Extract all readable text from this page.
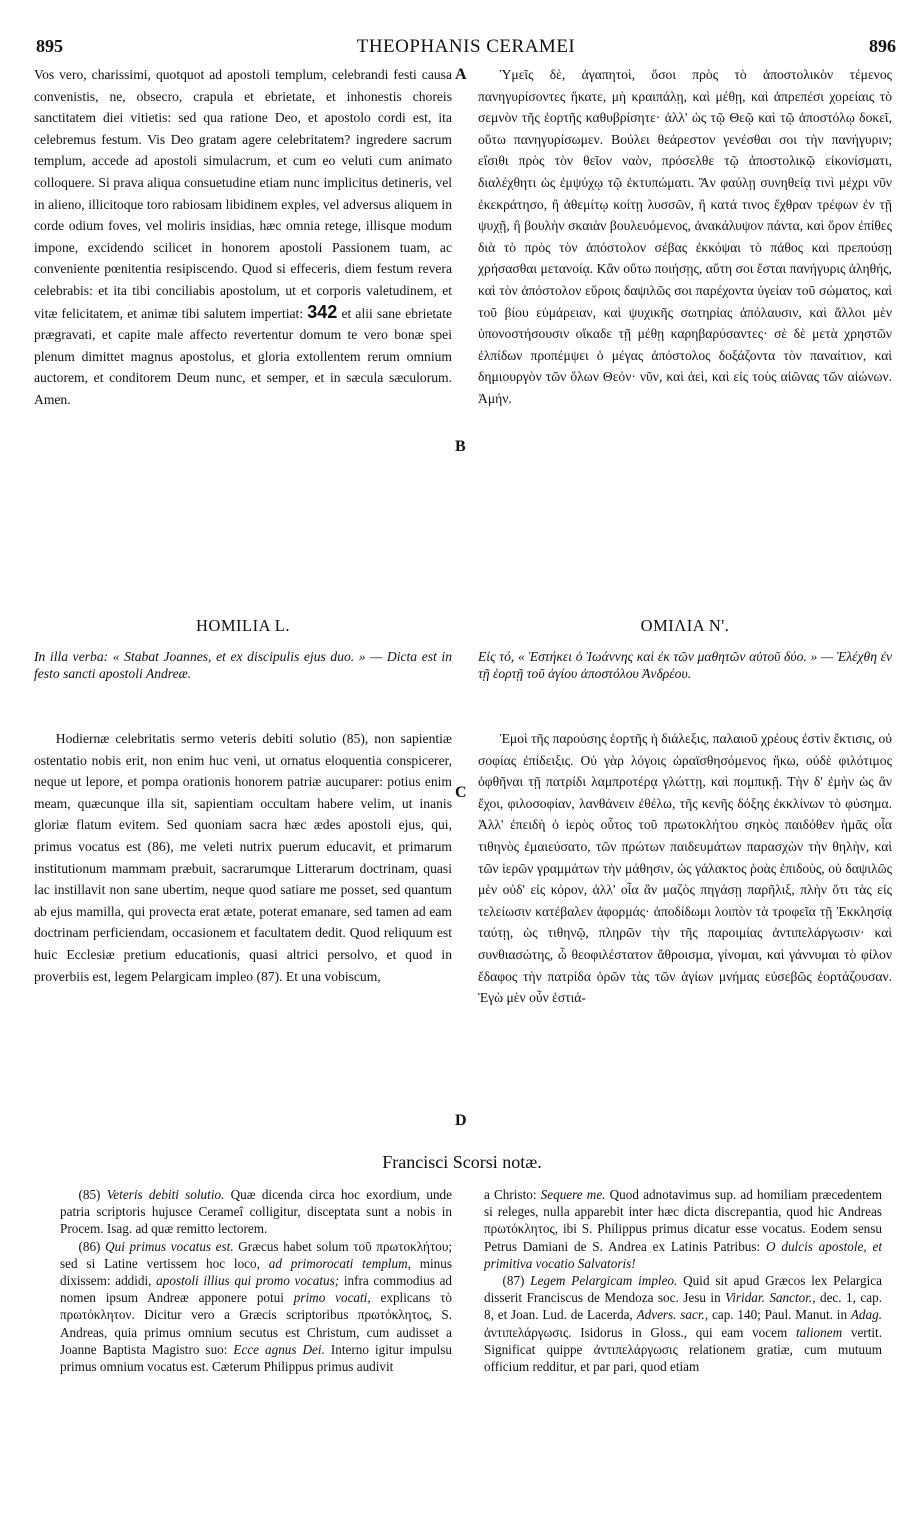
895	THEOPHANIS CERAMEI	896
A
B
C
D

Vos vero, charissimi, quotquot ad apostoli templum, celebrandi festi causa convenistis, ne, obsecro, crapula et ebrietate, et inhonestis choreis sanctitatem diei vitietis: sed qua ratione Deo, et apostolo cordi est, ita celebremus festum. Vis Deo gratam agere celebritatem? ingredere sacrum templum, accede ad apostoli simulacrum, et cum eo veluti cum animato colloquere. Si prava aliqua consuetudine etiam nunc implicitus detineris, vel in alieno, illicitoque toro rabiosam libidinem exples, vel adversus aliquem in corde odium foves, vel moliris insidias, hæc omnia retege, illisque modum impone, excidendo scilicet in honorem apostoli Passionem tuam, ac conveniente pœnitentia resipiscendo. Quod si effeceris, diem festum revera celebrabis: et ita tibi conciliabis apostolum, ut et corporis valetudinem, et vitæ felicitatem, et animæ tibi salutem impertiat: 342 et alii sane ebrietate prægravati, et capite male affecto revertentur domum te vero bonæ spei plenum dimittet magnus apostolus, et gloria extollentem rerum omnium auctorem, et conditorem Deum nunc, et semper, et in sæcula sæculorum. Amen.

Ὑμεῖς δὲ, ἀγαπητοὶ, ὅσοι πρὸς τὸ ἀποστολικὸν τέμενος πανηγυρίσοντες ἥκατε, μὴ κραιπάλῃ, καὶ μέθῃ, καὶ ἀπρεπέσι χορείαις τὸ σεμνὸν τῆς ἑορτῆς καθυβρίσητε· ἀλλ' ὡς τῷ Θεῷ καὶ τῷ ἀποστόλῳ δοκεῖ, οὕτω πανηγυρίσωμεν. Βούλει θεάρεστον γενέσθαι σοι τὴν πανήγυριν; εἴσιθι πρὸς τὸν θεῖον ναὸν, πρόσελθε τῷ ἀποστολικῷ εἰκονίσματι, διαλέχθητι ὡς ἐμψύχῳ τῷ ἐκτυπώματι. Ἂν φαύλῃ συνηθείᾳ τινὶ μέχρι νῦν ἐκεκράτησο, ἢ ἀθεμίτῳ κοίτῃ λυσσῶν, ἢ κατά τινος ἔχθραν τρέφων ἐν τῇ ψυχῇ, ἢ βουλὴν σκαιὰν βουλευόμενος, ἀνακάλυψον πάντα, καὶ ὅρον ἐπίθες διὰ τὸ πρὸς τὸν ἀπόστολον σέβας ἐκκόψαι τὸ πάθος καὶ πρεπούσῃ χρήσασθαι μετανοίᾳ. Κἂν οὕτω ποιήσῃς, αὕτη σοι ἔσται πανήγυρις ἀληθής, καὶ τὸν ἀπόστολον εὕροις δαψιλῶς σοι παρέχοντα ὑγείαν τοῦ σώματος, καὶ τοῦ βίου εὐμάρειαν, καὶ ψυχικῆς σωτηρίας ἀπόλαυσιν, καὶ ἄλλοι μὲν ὑπονοστήσουσιν οἴκαδε τῇ μέθῃ καρηβαρύσαντες· σὲ δὲ μετὰ χρηστῶν ἐλπίδων προπέμψει ὁ μέγας ἀπόστολος δοξάζοντα τὸν παναίτιον, καὶ δημιουργὸν τῶν ὅλων Θεόν· νῦν, καὶ ἀεὶ, καὶ εἰς τοὺς αἰῶνας τῶν αἰώνων. Ἀμήν.

HOMILIA L.

In illa verba: « Stabat Joannes, et ex discipulis ejus duo. » — Dicta est in festo sancti apostoli Andreæ.

ΟΜΙΛΙΑ Ν'.

Εἰς τό, « Ἑστήκει ὁ Ἰωάννης καὶ ἐκ τῶν μαθητῶν αὐτοῦ δύο. » — Ἐλέχθη ἐν τῇ ἑορτῇ τοῦ ἁγίου ἀποστόλου Ἀνδρέου.

Hodiernæ celebritatis sermo veteris debiti solutio (85), non sapientiæ ostentatio nobis erit, non enim huc veni, ut ornatus eloquentia conspicerer, neque ut lepore, et pompa orationis honorem patriæ aucuparer: potius enim meam, quæcunque illa sit, sapientiam occultam habere velim, ut inanis gloriæ flatum evitem. Sed quoniam sacra hæc ædes apostoli ejus, qui, primus vocatus est (86), me veleti nutrix puerum educavit, et primarum institutionum mammam præbuit, sacrarumque Litterarum doctrinam, quasi lac instillavit non sane ubertim, neque quod satiare me posset, sed quantum ab ejus mamilla, qui provecta erat ætate, poterat emanare, sed tamen ad eam doctrinam perficiendam, occasionem et facultatem dedit. Quod reliquum est huic Ecclesiæ pretium educationis, quasi altrici persolvo, et quod in proverbiis est, legem Pelargicam impleo (87). Et una vobiscum,

Ἐμοὶ τῆς παρούσης ἑορτῆς ἡ διάλεξις, παλαιοῦ χρέους ἐστὶν ἔκτισις, οὐ σοφίας ἐπίδειξις. Οὐ γὰρ λόγοις ὡραϊσθησόμενος ἥκω, οὐδὲ φιλότιμος ὀφθῆναι τῇ πατρίδι λαμπροτέρᾳ γλώττῃ, καὶ πομπικῇ. Τὴν δ' ἐμὴν ὡς ἂν ἔχοι, φιλοσοφίαν, λανθάνειν ἐθέλω, τῆς κενῆς δόξης ἐκκλίνων τὸ φύσημα. Ἀλλ' ἐπειδὴ ὁ ἱερὸς οὗτος τοῦ πρωτοκλήτου σηκὸς παιδόθεν ἡμᾶς οἷα τιθηνὸς ἐμαιεύσατο, τῶν πρώτων παιδευμάτων παρασχὼν τὴν θηλὴν, καὶ τῶν ἱερῶν γραμμάτων τὴν μάθησιν, ὡς γάλακτος ῥοὰς ἐπιδοὺς, οὐ δαψιλῶς μὲν οὐδ' εἰς κόρον, ἀλλ' οἷα ἂν μαζὸς πηγάσῃ παρῆλιξ, πλὴν ὅτι τὰς εἰς τελείωσιν κατέβαλεν ἀφορμάς· ἀποδίδωμι λοιπὸν τὰ τροφεῖα τῇ Ἐκκλησίᾳ ταύτῃ, ὡς τιθηνῷ, πληρῶν τὴν τῆς παροιμίας ἀντιπελάργωσιν· καὶ συνθιασώτης, ὦ θεοφιλέστατον ἄθροισμα, γίνομαι, καὶ γάννυμαι τὸ φίλον ἔδαφος τὴν πατρίδα ὁρῶν τὰς τῶν ἁγίων μνήμας εὐσεβῶς ἑορτάζουσαν. Ἐγὼ μὲν οὖν ἑστιά-

Francisci Scorsi notæ.

(85) Veteris debiti solutio. Quæ dicenda circa hoc exordium, unde patria scriptoris hujusce Cerameî colligitur, disceptata sunt a nobis in Procem. Isag. ad quæ remitto lectorem.

(86) Qui primus vocatus est. Græcus habet solum τοῦ πρωτοκλήτου; sed si Latine vertissem hoc loco, ad primorocati templum, minus dixissem: addidi, apostoli illius qui promo vocatus; infra commodius ad nomen ipsum Andreæ apponere potui primo vocati, explicans τὸ πρωτόκλητον. Dicitur vero a Græcis scriptoribus πρωτόκλητος, S. Andreas, quia primus omnium secutus est Christum, cum audisset a Joanne Baptista Magistro suo: Ecce agnus Dei. Interno igitur impulsu primus omnium vocatus est. Cæterum Philippus primus audivit

a Christo: Sequere me. Quod adnotavimus sup. ad homiliam præcedentem si releges, nulla apparebit inter hæc dicta discrepantia, quod hic Andreas πρωτόκλητος, ibi S. Philippus primus dicatur esse vocatus. Eodem sensu Petrus Damiani de S. Andrea ex Latinis Patribus: O dulcis apostole, et primitiva vocatio Salvatoris!

(87) Legem Pelargicam impleo. Quid sit apud Græcos lex Pelargica disserit Franciscus de Mendoza soc. Jesu in Viridar. Sanctor., dec. 1, cap. 8, et Joan. Lud. de Lacerda, Advers. sacr., cap. 140; Paul. Manut. in Adag. ἀντιπελάργωσις. Isidorus in Gloss., qui eam vocem talionem vertit. Significat quippe ἀντιπελάργωσις relationem gratiæ, cum mutuum officium redditur, et par pari, quod etiam
